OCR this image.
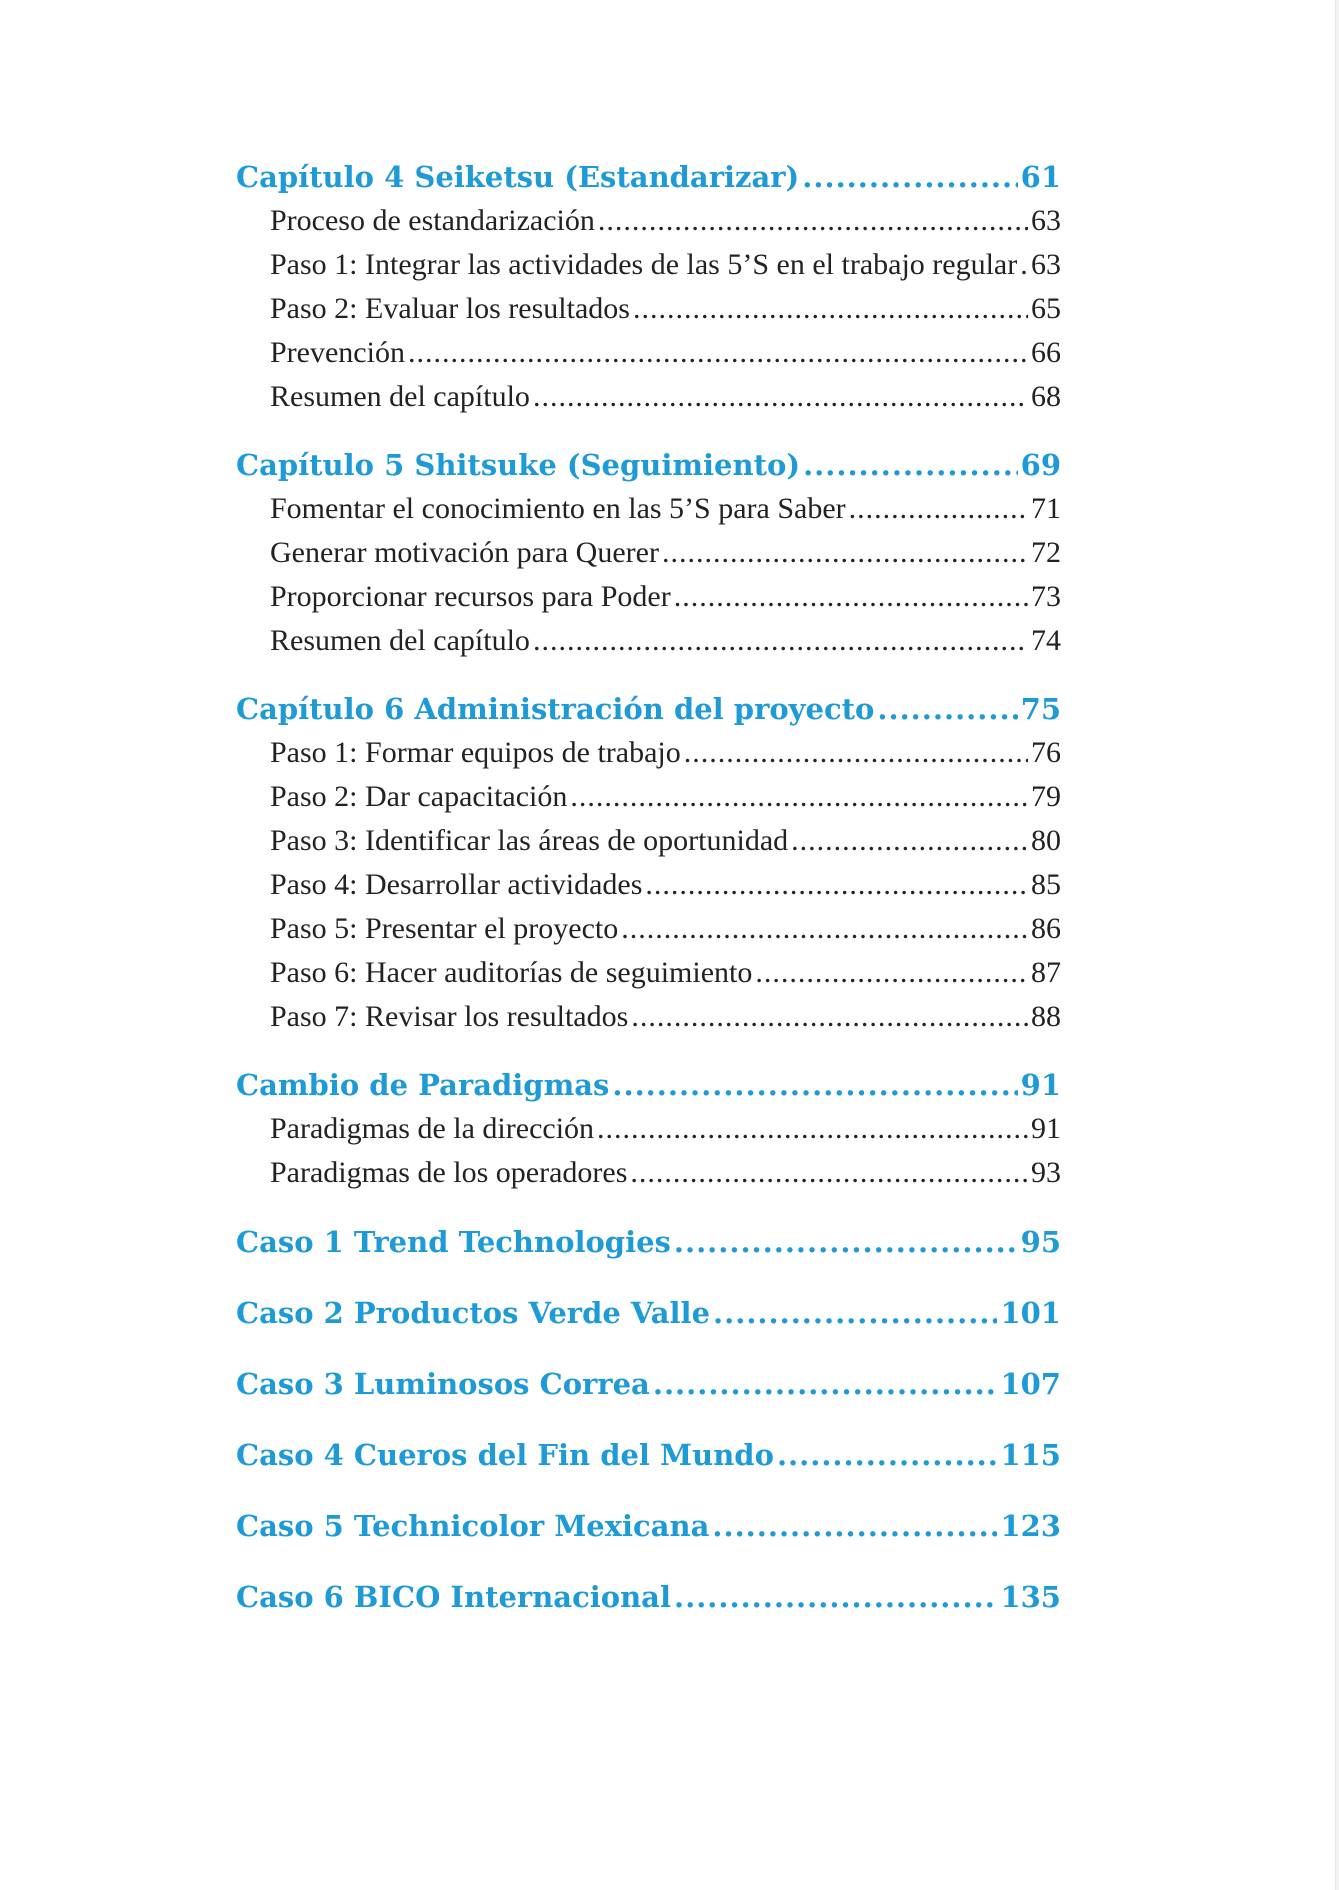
Capítulo 4 Seiketsu (Estandarizar) .....	61
Proceso de estandarización .....	63
Paso 1: Integrar las actividades de las 5’S en el trabajo regular ..... 63
Paso 2: Evaluar los resultados .....	65
Prevención .....	66
Resumen del capítulo .....	68
Capítulo 5 Shitsuke (Seguimiento) .....	69
Fomentar el conocimiento en las 5’S para Saber .....	71
Generar motivación para Querer .....	72
Proporcionar recursos para Poder .....	73
Resumen del capítulo .....	74
Capítulo 6 Administración del proyecto .....	75
Paso 1: Formar equipos de trabajo .....	76
Paso 2: Dar capacitación .....	79
Paso 3: Identificar las áreas de oportunidad .....	80
Paso 4: Desarrollar actividades .....	85
Paso 5: Presentar el proyecto .....	86
Paso 6: Hacer auditorías de seguimiento .....	87
Paso 7: Revisar los resultados .....	88
Cambio de Paradigmas .....	91
Paradigmas de la dirección .....	91
Paradigmas de los operadores .....	93
Caso 1 Trend Technologies .....	95
Caso 2 Productos Verde Valle .....	101
Caso 3 Luminosos Correa .....	107
Caso 4 Cueros del Fin del Mundo .....	115
Caso 5 Technicolor Mexicana .....	123
Caso 6 BICO Internacional .....	135
